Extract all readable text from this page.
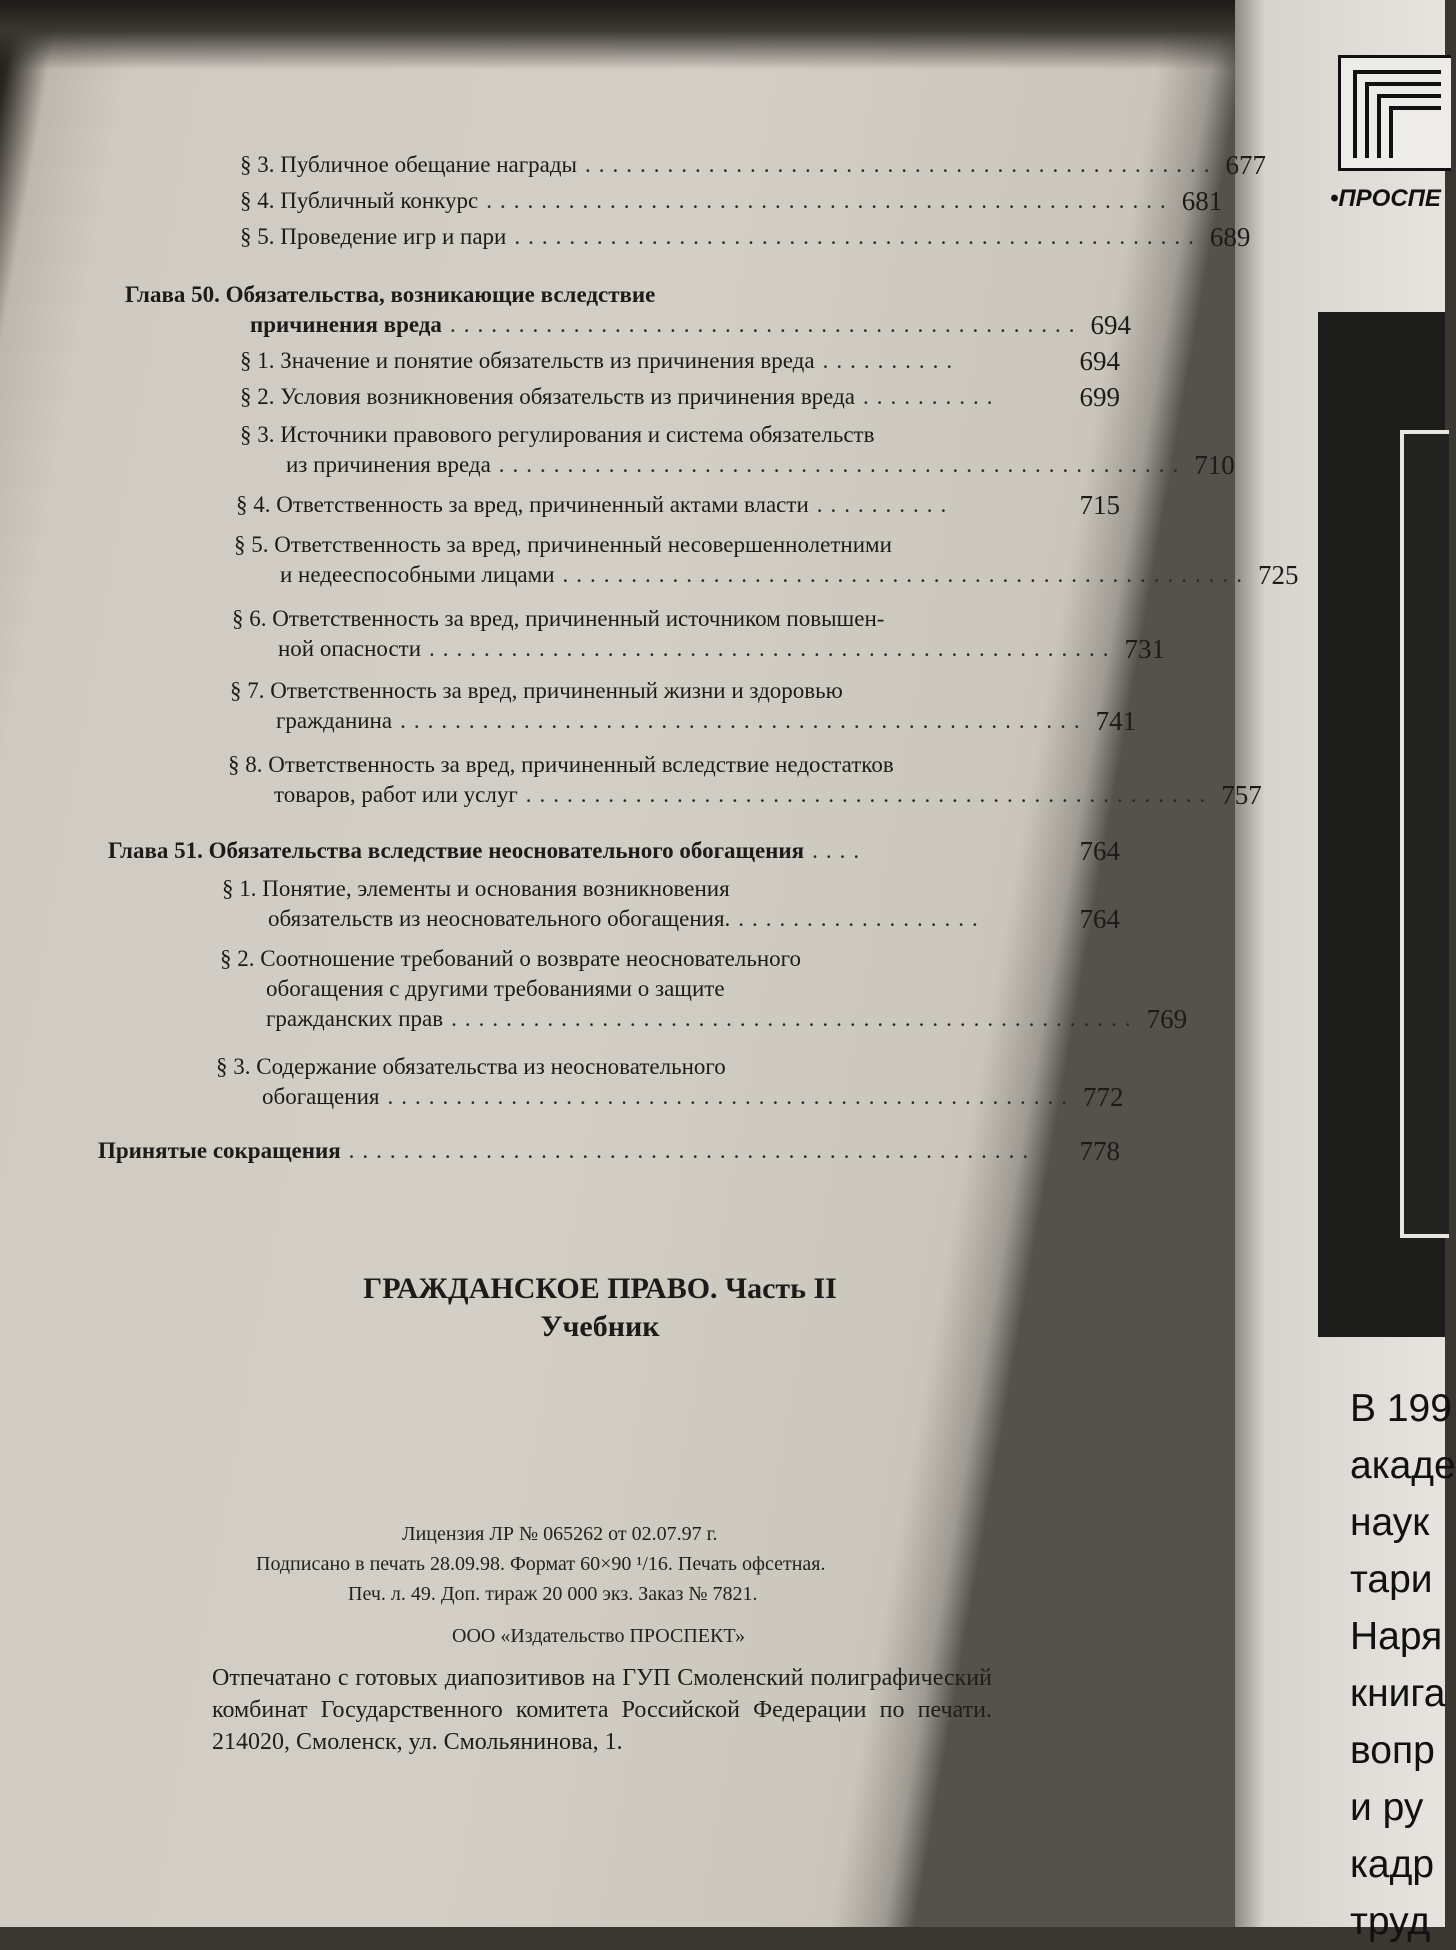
§ 3. Публичное обещание награды .............................................. 677
§ 4. Публичный конкурс .................................................. 681
§ 5. Проведение игр и пари .................................................. 689
Глава 50. Обязательства, возникающие вследствие
причинения вреда .............................................. 694
§ 1. Значение и понятие обязательств из причинения вреда ..........	694
§ 2. Условия возникновения обязательств из причинения вреда ..........	699
§ 3. Источники правового регулирования и система обязательств
из причинения вреда .................................................. 710
§ 4. Ответственность за вред, причиненный актами власти ..........	715
§ 5. Ответственность за вред, причиненный несовершеннолетними
и недееспособными лицами .................................................. 725
§ 6. Ответственность за вред, причиненный источником повышен-
ной опасности .................................................. 731
§ 7. Ответственность за вред, причиненный жизни и здоровью
гражданина .................................................. 741
§ 8. Ответственность за вред, причиненный вследствие недостатков
товаров, работ или услуг .................................................. 757
Глава 51. Обязательства вследствие неосновательного обогащения ....	764
§ 1. Понятие, элементы и основания возникновения
обязательств из неосновательного обогащения. ..................	764
§ 2. Соотношение требований о возврате неосновательного
обогащения с другими требованиями о защите
гражданских прав .................................................. 769
§ 3. Содержание обязательства из неосновательного
обогащения .................................................. 772
Принятые сокращения ..................................................	778
ГРАЖДАНСКОЕ ПРАВО. Часть II
Учебник
Лицензия ЛР № 065262 от 02.07.97 г.
Подписано в печать 28.09.98. Формат 60×90 ¹/16. Печать офсетная.
Печ. л. 49. Доп. тираж 20 000 экз. Заказ № 7821.
ООО «Издательство ПРОСПЕКТ»
Отпечатано с готовых диапозитивов на ГУП Смоленский полиграфический комбинат Государственного комитета Российской Федерации по печати. 214020, Смоленск, ул. Смольянинова, 1.
•ПРОСПЕ
В 199
акаде
наук
тари
Наря
книга
вопр
и ру
кадр
труд
